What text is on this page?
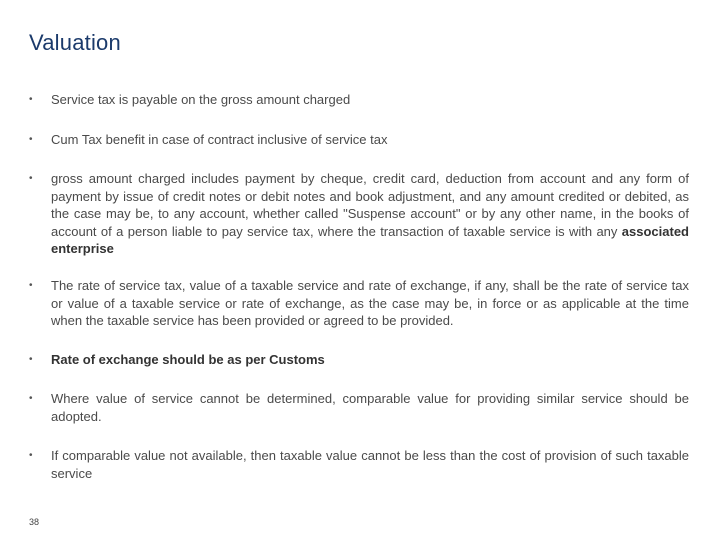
Valuation
•	Service tax is payable on the gross amount charged
•	Cum Tax benefit in case of contract inclusive of service tax
•	gross amount charged includes payment by cheque, credit card, deduction from account and any form of payment by issue of credit notes or debit notes and book adjustment, and any amount credited or debited, as the case may be, to any account, whether called "Suspense account" or by any other name, in the books of account of a person liable to pay service tax, where the transaction of taxable service is with any associated enterprise
•	The rate of service tax, value of a taxable service and rate of exchange, if any, shall be the rate of service tax or value of a taxable service or rate of exchange, as the case may be, in force or as applicable at the time when the taxable service has been provided or agreed to be provided.
•	Rate of exchange should be as per Customs
•	Where value of service cannot be determined, comparable value for providing similar service should be adopted.
•	If comparable value not available, then taxable value cannot be less than the cost of provision of such taxable service
38
